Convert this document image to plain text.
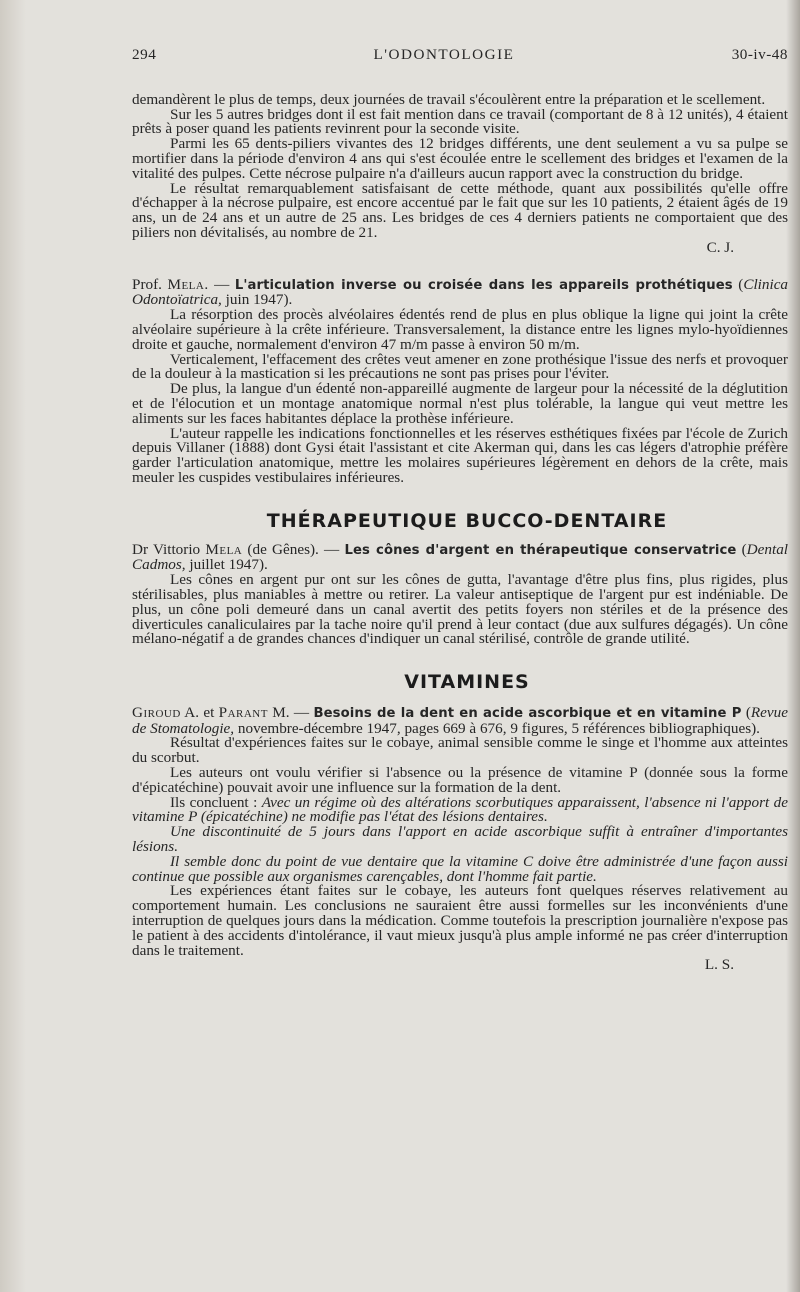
294	L'ODONTOLOGIE	30-iv-48

demandèrent le plus de temps, deux journées de travail s'écoulèrent entre la préparation et le scellement.

Sur les 5 autres bridges dont il est fait mention dans ce travail (comportant de 8 à 12 unités), 4 étaient prêts à poser quand les patients revinrent pour la seconde visite.

Parmi les 65 dents-piliers vivantes des 12 bridges différents, une dent seulement a vu sa pulpe se mortifier dans la période d'environ 4 ans qui s'est écoulée entre le scellement des bridges et l'examen de la vitalité des pulpes. Cette nécrose pulpaire n'a d'ailleurs aucun rapport avec la construction du bridge.

Le résultat remarquablement satisfaisant de cette méthode, quant aux possibilités qu'elle offre d'échapper à la nécrose pulpaire, est encore accentué par le fait que sur les 10 patients, 2 étaient âgés de 19 ans, un de 24 ans et un autre de 25 ans. Les bridges de ces 4 derniers patients ne comportaient que des piliers non dévitalisés, au nombre de 21.

C. J.

Prof. Mela. — L'articulation inverse ou croisée dans les appareils prothétiques (Clinica Odontoïatrica, juin 1947).

La résorption des procès alvéolaires édentés rend de plus en plus oblique la ligne qui joint la crête alvéolaire supérieure à la crête inférieure. Transversalement, la distance entre les lignes mylo-hyoïdiennes droite et gauche, normalement d'environ 47 m/m passe à environ 50 m/m.

Verticalement, l'effacement des crêtes veut amener en zone prothésique l'issue des nerfs et provoquer de la douleur à la mastication si les précautions ne sont pas prises pour l'éviter.

De plus, la langue d'un édenté non-appareillé augmente de largeur pour la nécessité de la déglutition et de l'élocution et un montage anatomique normal n'est plus tolérable, la langue qui veut mettre les aliments sur les faces habitantes déplace la prothèse inférieure.

L'auteur rappelle les indications fonctionnelles et les réserves esthétiques fixées par l'école de Zurich depuis Villaner (1888) dont Gysi était l'assistant et cite Akerman qui, dans les cas légers d'atrophie préfère garder l'articulation anatomique, mettre les molaires supérieures légèrement en dehors de la crête, mais meuler les cuspides vestibulaires inférieures.

THÉRAPEUTIQUE BUCCO-DENTAIRE

Dr Vittorio Mela (de Gênes). — Les cônes d'argent en thérapeutique conservatrice (Dental Cadmos, juillet 1947).

Les cônes en argent pur ont sur les cônes de gutta, l'avantage d'être plus fins, plus rigides, plus stérilisables, plus maniables à mettre ou retirer. La valeur antiseptique de l'argent pur est indéniable. De plus, un cône poli demeuré dans un canal avertit des petits foyers non stériles et de la présence des diverticules canaliculaires par la tache noire qu'il prend à leur contact (due aux sulfures dégagés). Un cône mélano-négatif a de grandes chances d'indiquer un canal stérilisé, contrôle de grande utilité.

VITAMINES

Giroud A. et Parant M. — Besoins de la dent en acide ascorbique et en vitamine P (Revue de Stomatologie, novembre-décembre 1947, pages 669 à 676, 9 figures, 5 références bibliographiques).

Résultat d'expériences faites sur le cobaye, animal sensible comme le singe et l'homme aux atteintes du scorbut.

Les auteurs ont voulu vérifier si l'absence ou la présence de vitamine P (donnée sous la forme d'épicatéchine) pouvait avoir une influence sur la formation de la dent.

Ils concluent : Avec un régime où des altérations scorbutiques apparaissent, l'absence ni l'apport de vitamine P (épicatéchine) ne modifie pas l'état des lésions dentaires.

Une discontinuité de 5 jours dans l'apport en acide ascorbique suffit à entraîner d'importantes lésions.

Il semble donc du point de vue dentaire que la vitamine C doive être administrée d'une façon aussi continue que possible aux organismes carençables, dont l'homme fait partie.

Les expériences étant faites sur le cobaye, les auteurs font quelques réserves relativement au comportement humain. Les conclusions ne sauraient être aussi formelles sur les inconvénients d'une interruption de quelques jours dans la médication. Comme toutefois la prescription journalière n'expose pas le patient à des accidents d'intolérance, il vaut mieux jusqu'à plus ample informé ne pas créer d'interruption dans le traitement.

L. S.
